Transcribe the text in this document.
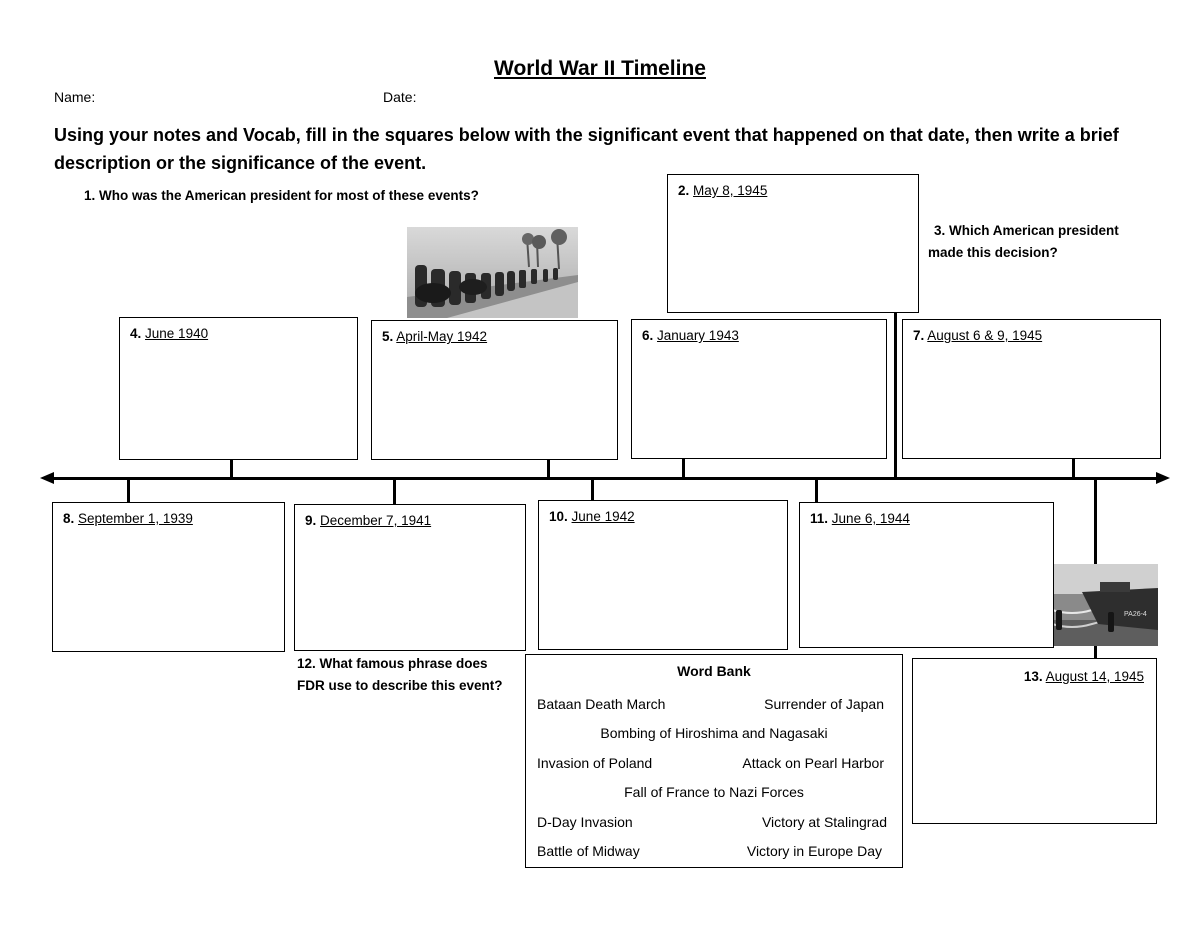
World War II Timeline
Name:	Date:
Using your notes and Vocab, fill in the squares below with the significant event that happened on that date, then write a brief description or the significance of the event.
1. Who was the American president for most of these events?
3. Which American president
made this decision?
12. What famous phrase does
FDR use to describe this event?
PA26-4
2. May 8, 1945
4. June 1940	5. April-May 1942	6. January 1943	7. August 6 & 9, 1945
8. September 1, 1939	9. December 7, 1941	10. June 1942	11. June 6, 1944
13. August 14, 1945
Word Bank
Bataan Death March	Surrender of Japan
Bombing of Hiroshima and Nagasaki
Invasion of Poland	Attack on Pearl Harbor
Fall of France to Nazi Forces
D-Day Invasion	Victory at Stalingrad
Battle of Midway	Victory in Europe Day
